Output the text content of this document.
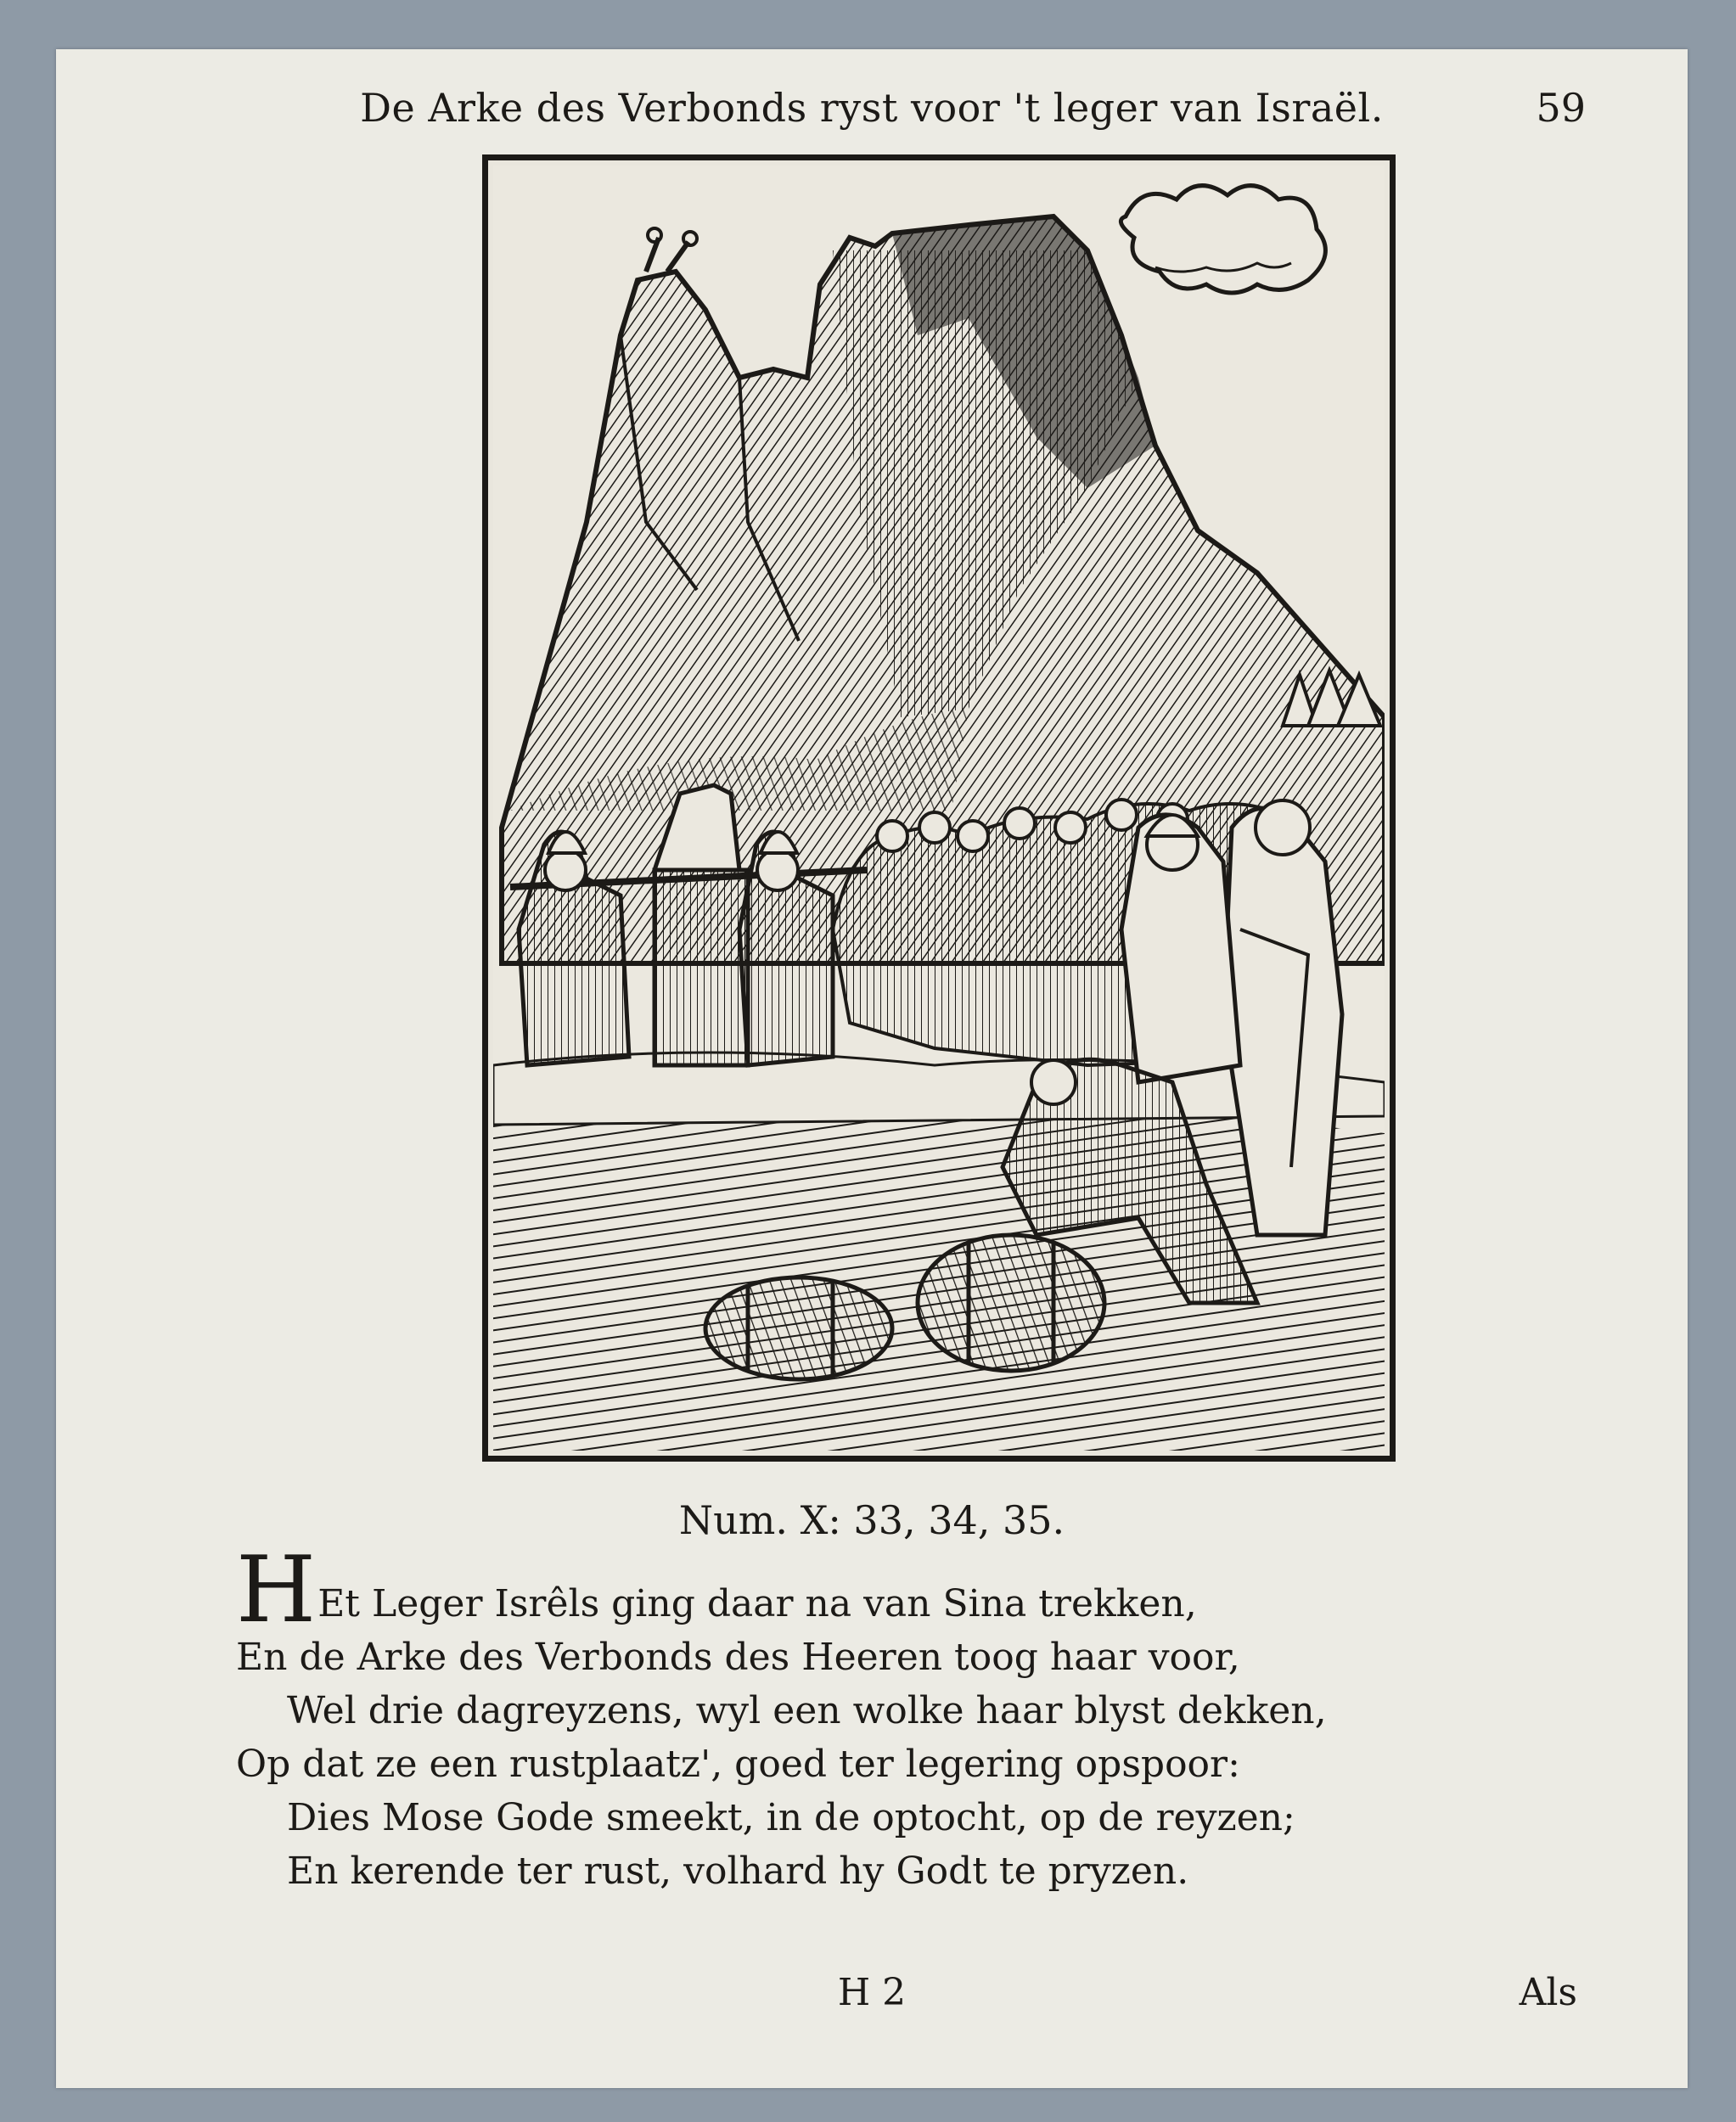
De Arke des Verbonds ryst voor 't leger van Israël.	59
Num. X: 33, 34, 35.
H Et Leger Isrêls ging daar na van Sina trekken,
En de Arke des Verbonds des Heeren toog haar voor,
Wel drie dagreyzens, wyl een wolke haar blyst dekken,
Op dat ze een rustplaatz', goed ter legering opspoor:
Dies Mose Gode smeekt, in de optocht, op de reyzen;
En kerende ter rust, volhard hy Godt te pryzen.
H 2	Als
